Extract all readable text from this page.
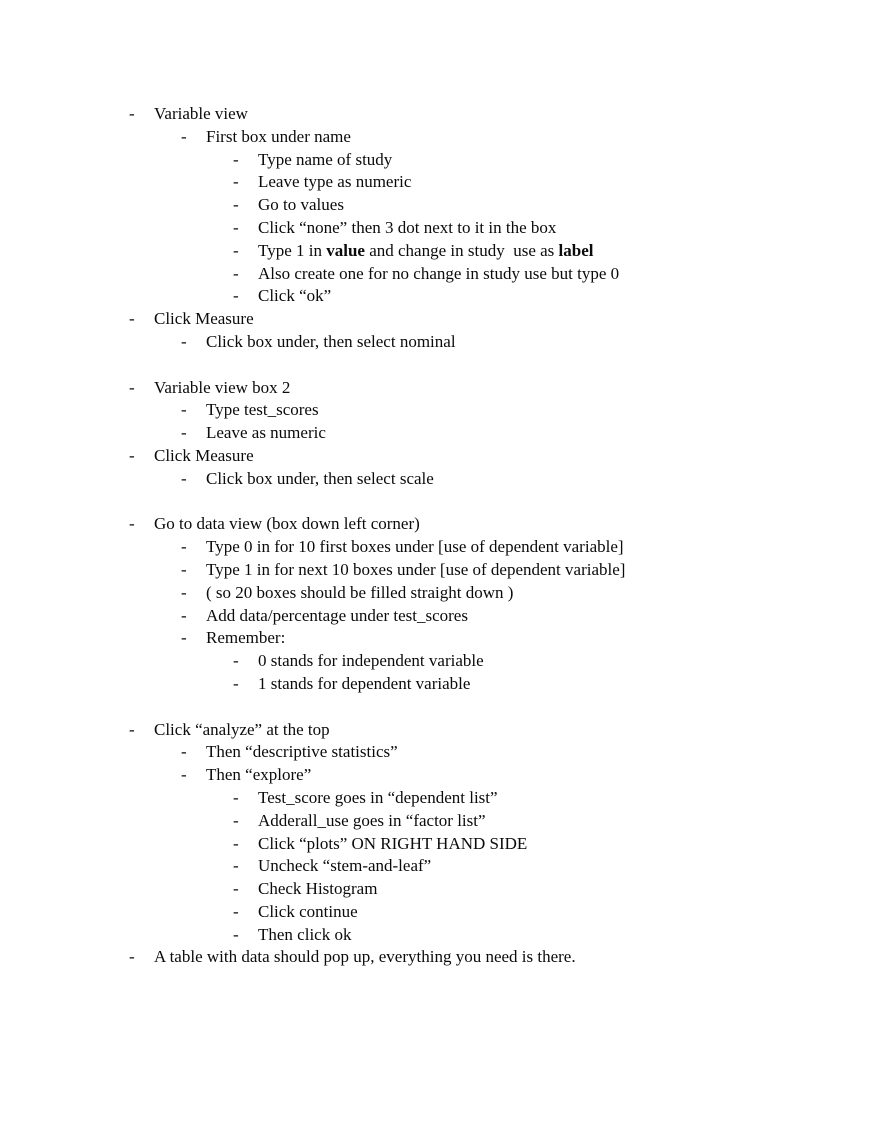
- Variable view
- First box under name
- Type name of study
- Leave type as numeric
- Go to values
- Click “none” then 3 dot next to it in the box
- Type 1 in value and change in study  use as label
- Also create one for no change in study use but type 0
- Click “ok”
- Click Measure
- Click box under, then select nominal
- Variable view box 2
- Type test_scores
- Leave as numeric
- Click Measure
- Click box under, then select scale
- Go to data view (box down left corner)
- Type 0 in for 10 first boxes under [use of dependent variable]
- Type 1 in for next 10 boxes under [use of dependent variable]
- ( so 20 boxes should be filled straight down )
- Add data/percentage under test_scores
- Remember:
- 0 stands for independent variable
- 1 stands for dependent variable
- Click “analyze” at the top
- Then “descriptive statistics”
- Then “explore”
- Test_score goes in “dependent list”
- Adderall_use goes in “factor list”
- Click “plots” ON RIGHT HAND SIDE
- Uncheck “stem-and-leaf”
- Check Histogram
- Click continue
- Then click ok
- A table with data should pop up, everything you need is there.
